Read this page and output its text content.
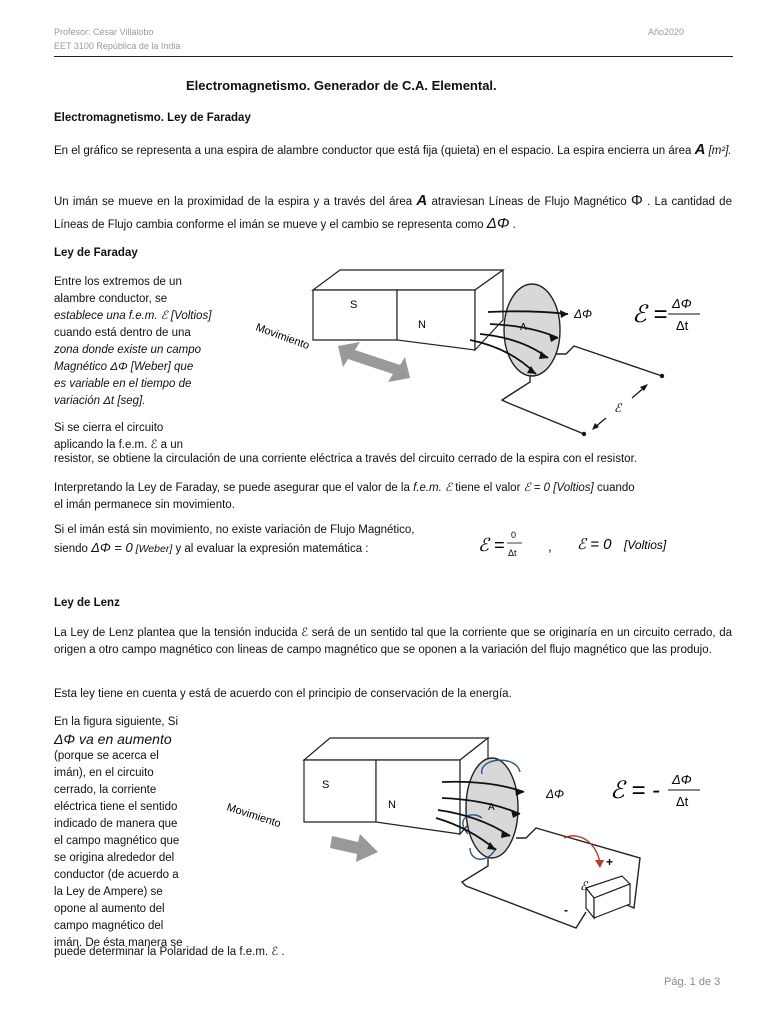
Profesor: César Villalobo
EET 3100 República de la India
Año2020
Electromagnetismo. Generador de C.A. Elemental.
Electromagnetismo. Ley de Faraday
En el gráfico se representa a una espira de alambre conductor que está fija (quieta) en el espacio. La espira encierra un área A [m²].
Un imán se mueve en la proximidad de la espira y a través del área A atraviesan Líneas de Flujo Magnético Φ . La cantidad de Líneas de Flujo cambia conforme el imán se mueve y el cambio se representa como ΔΦ .
Ley de Faraday
Entre los extremos de un
alambre conductor, se
establece una f.e.m. ℰ [Voltios]
cuando está dentro de una
zona donde existe un campo
Magnético ΔΦ [Weber] que
es variable en el tiempo de
variación Δt [seg].
Si se cierra el circuito
aplicando la f.e.m. ℰ a un
resistor, se obtiene la circulación de una corriente eléctrica a través del circuito cerrado de la espira con el resistor.
S
N
Movimiento	A
ΔΦ
ℰ
ℰ = ΔΦ
Δt
Interpretando la Ley de Faraday, se puede asegurar que el valor de la f.e.m. ℰ tiene el valor ℰ = 0 [Voltios] cuando
el imán permanece sin movimiento.
Si el imán está sin movimiento, no existe variación de Flujo Magnético,
siendo ΔΦ = 0 [Weber] y al evaluar la expresión matemática :	ℰ = 0
Δt , ℰ = 0 [Voltios]
Ley de Lenz
La Ley de Lenz plantea que la tensión inducida ℰ será de un sentido tal que la corriente que se originaría en un circuito cerrado, da origen a otro campo magnético con lineas de campo magnético que se oponen a la variación del flujo magnético que las produjo.
Esta ley tiene en cuenta y está de acuerdo con el principio de conservación de la energía.
En la figura siguiente, Si
ΔΦ va en aumento
(porque se acerca el
imán), en el circuito
cerrado, la corriente
eléctrica tiene el sentido
indicado de manera que
el campo magnético que
se origina alrededor del
conductor (de acuerdo a
la Ley de Ampere) se
opone al aumento del
campo magnético del
imán. De ésta manera se
puede determinar la Polaridad de la f.e.m. ℰ .
S
N
Movimiento	A
ΔΦ
+
-
ℰ
ℰ = - ΔΦ
Δt
Pág. 1 de 3
